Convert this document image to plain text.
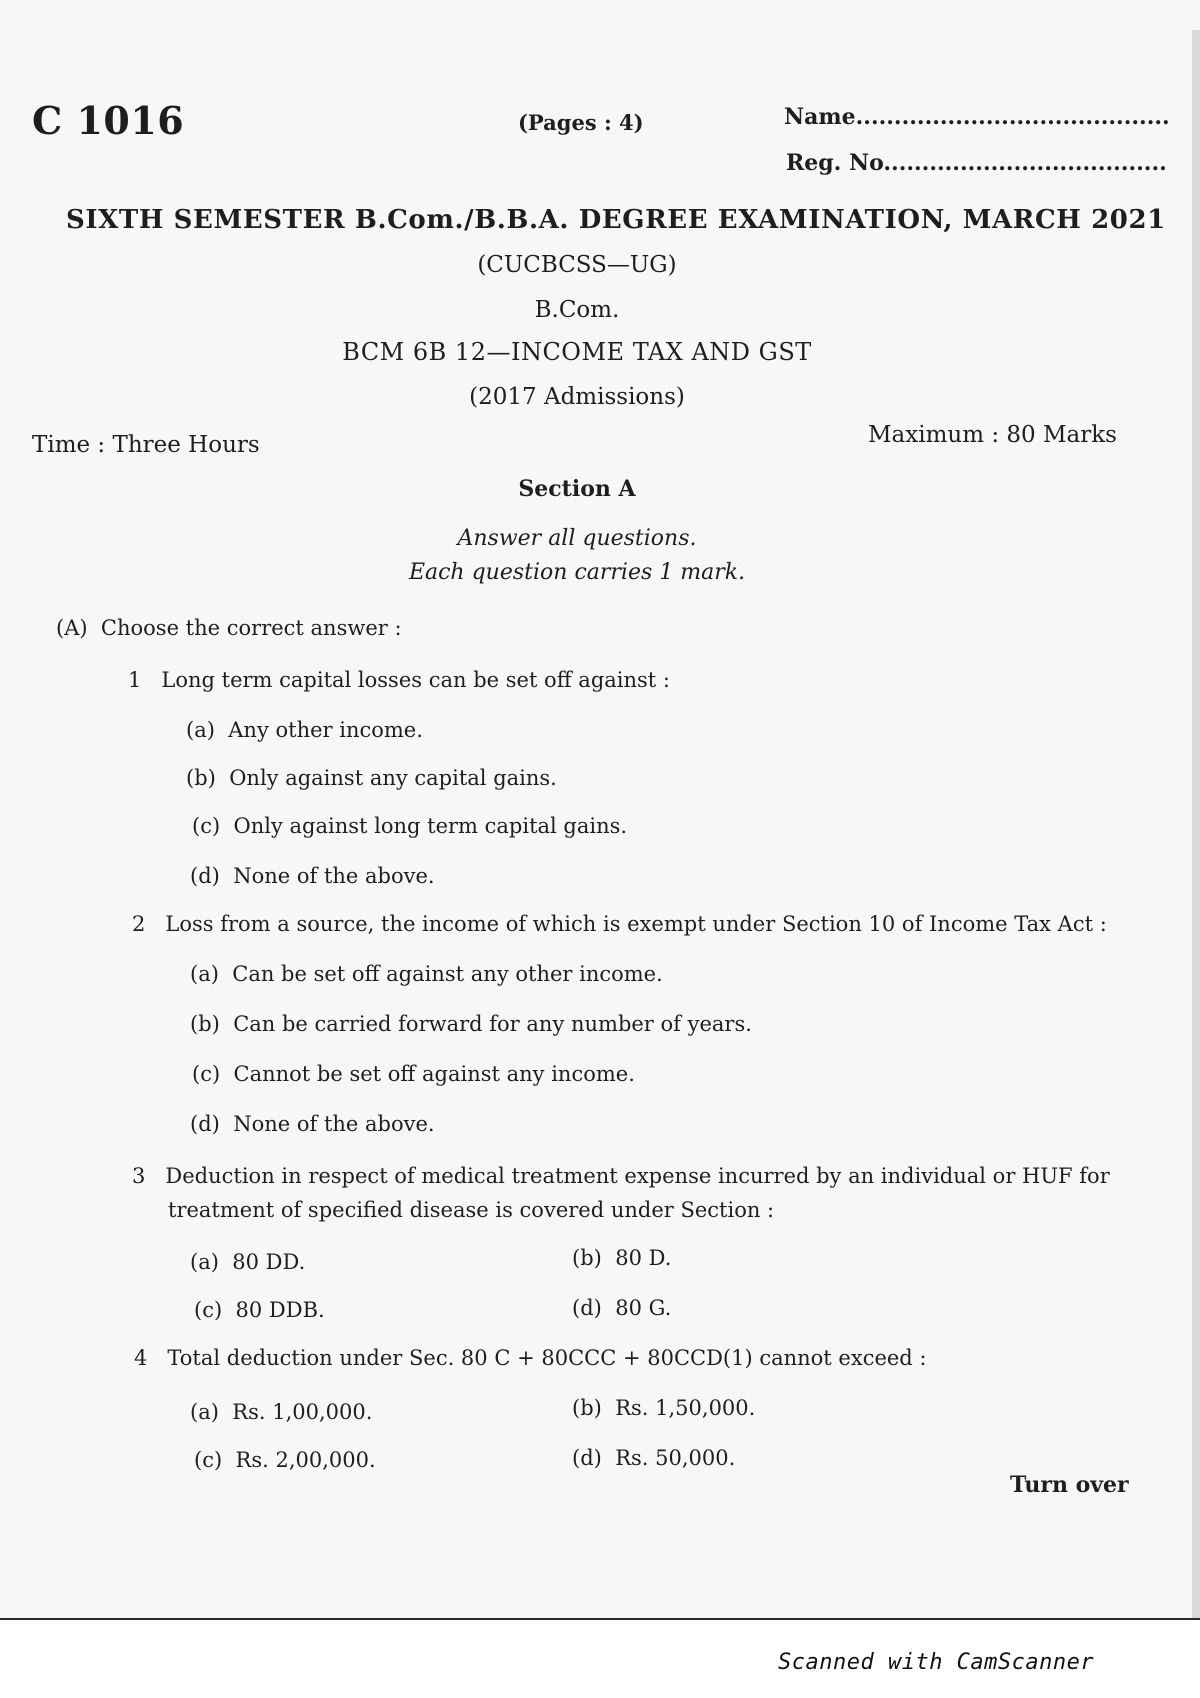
C 1016	(Pages : 4)	Name.........................................
Reg. No.....................................
SIXTH SEMESTER B.Com./B.B.A. DEGREE EXAMINATION, MARCH 2021
(CUCBCSS—UG)
B.Com.
BCM 6B 12—INCOME TAX AND GST
(2017 Admissions)
Time : Three Hours	Maximum : 80 Marks
Section A
Answer all questions.
Each question carries 1 mark.
(A) Choose the correct answer :
1 Long term capital losses can be set off against :
(a) Any other income.
(b) Only against any capital gains.
(c) Only against long term capital gains.
(d) None of the above.
2 Loss from a source, the income of which is exempt under Section 10 of Income Tax Act :
(a) Can be set off against any other income.
(b) Can be carried forward for any number of years.
(c) Cannot be set off against any income.
(d) None of the above.
3 Deduction in respect of medical treatment expense incurred by an individual or HUF for
treatment of specified disease is covered under Section :
(a) 80 DD.	(b) 80 D.
(c) 80 DDB.	(d) 80 G.
4 Total deduction under Sec. 80 C + 80CCC + 80CCD(1) cannot exceed :
(a) Rs. 1,00,000.	(b) Rs. 1,50,000.
(c) Rs. 2,00,000.	(d) Rs. 50,000.
Turn over
Scanned with CamScanner
